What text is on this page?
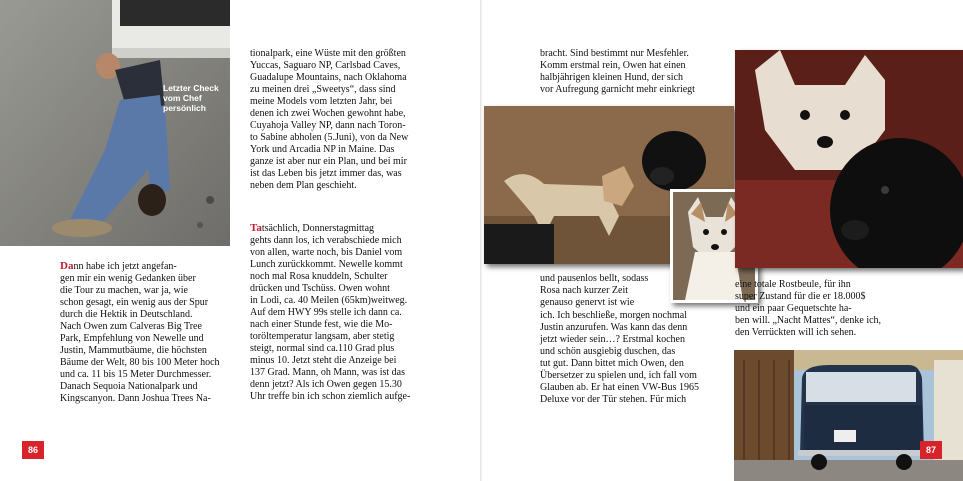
Letzter Check
vom Chef
persönlich
Dann habe ich jetzt angefan-
gen mir ein wenig Gedanken über
die Tour zu machen, war ja, wie
schon gesagt, ein wenig aus der Spur
durch die Hektik in Deutschland.
Nach Owen zum Calveras Big Tree
Park, Empfehlung von Newelle und
Justin, Mammutbäume, die höchsten
Bäume der Welt, 80 bis 100 Meter hoch
und ca. 11 bis 15 Meter Durchmesser.
Danach Sequoia Nationalpark und
Kingscanyon. Dann Joshua Trees Na-
tionalpark, eine Wüste mit den größten
Yuccas, Saguaro NP, Carlsbad Caves,
Guadalupe Mountains, nach Oklahoma
zu meinen drei „Sweetys“, dass sind
meine Models vom letzten Jahr, bei
denen ich zwei Wochen gewohnt habe,
Cuyahoja Valley NP, dann nach Toron-
to Sabine abholen (5.Juni), von da New
York und Arcadia NP in Maine. Das
ganze ist aber nur ein Plan, und bei mir
ist das Leben bis jetzt immer das, was
neben dem Plan geschieht.
Tatsächlich, Donnerstagmittag
gehts dann los, ich verabschiede mich
von allen, warte noch, bis Daniel vom
Lunch zurückkommt. Newelle kommt
noch mal Rosa knuddeln, Schulter
drücken und Tschüss. Owen wohnt
in Lodi, ca. 40 Meilen (65km)weitweg.
Auf dem HWY 99s stelle ich dann ca.
nach einer Stunde fest, wie die Mo-
toröltemperatur langsam, aber stetig
steigt, normal sind ca.110 Grad plus
minus 10. Jetzt steht die Anzeige bei
137 Grad. Mann, oh Mann, was ist das
denn jetzt? Als ich Owen gegen 15.30
Uhr treffe bin ich schon ziemlich aufge-
86
bracht. Sind bestimmt nur Mesfehler.
Komm erstmal rein, Owen hat einen
halbjährigen kleinen Hund, der sich
vor Aufregung garnicht mehr einkriegt
und pausenlos bellt, sodass
Rosa nach kurzer Zeit
genauso genervt ist wie
ich. Ich beschließe, morgen nochmal
Justin anzurufen. Was kann das denn
jetzt wieder sein…? Erstmal kochen
und schön ausgiebig duschen, das
tut gut. Dann bittet mich Owen, den
Übersetzer zu spielen und, ich fall vom
Glauben ab. Er hat einen VW-Bus 1965
Deluxe vor der Tür stehen. Für mich
eine totale Rostbeule, für ihn
super Zustand für die er 18.000$
und ein paar Gequetschte ha-
ben will. „Nacht Mattes“, denke ich,
den Verrückten will ich sehen.
87
